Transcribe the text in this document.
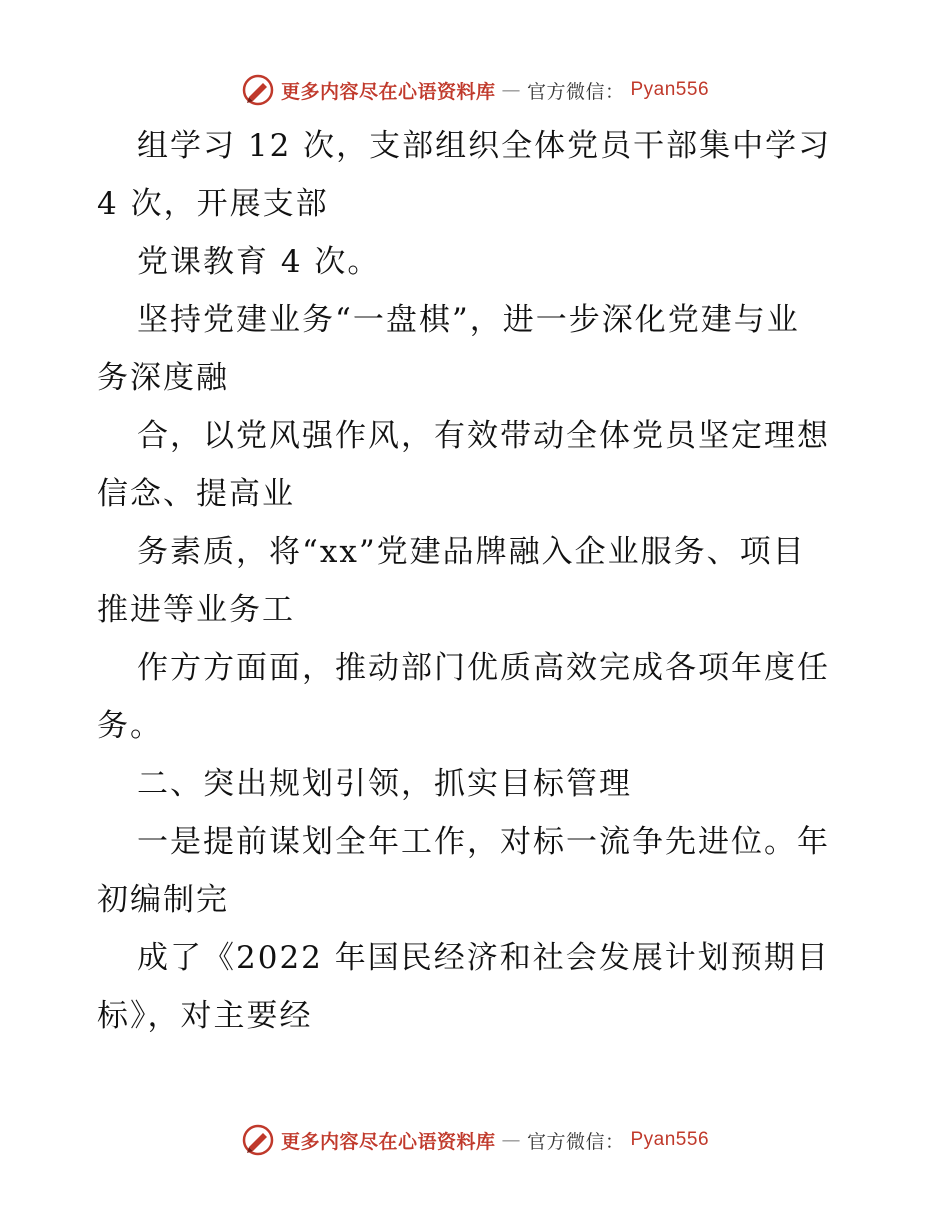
更多内容尽在心语资料库 — 官方微信： Pyan556
组学习 12 次，支部组织全体党员干部集中学习
4 次，开展支部
党课教育 4 次。
坚持党建业务“一盘棋”，进一步深化党建与业
务深度融
合，以党风强作风，有效带动全体党员坚定理想
信念、提高业
务素质，将“xx”党建品牌融入企业服务、项目
推进等业务工
作方方面面，推动部门优质高效完成各项年度任
务。
二、突出规划引领，抓实目标管理
一是提前谋划全年工作，对标一流争先进位。年
初编制完
成了《2022 年国民经济和社会发展计划预期目
标》，对主要经
更多内容尽在心语资料库 — 官方微信： Pyan556
